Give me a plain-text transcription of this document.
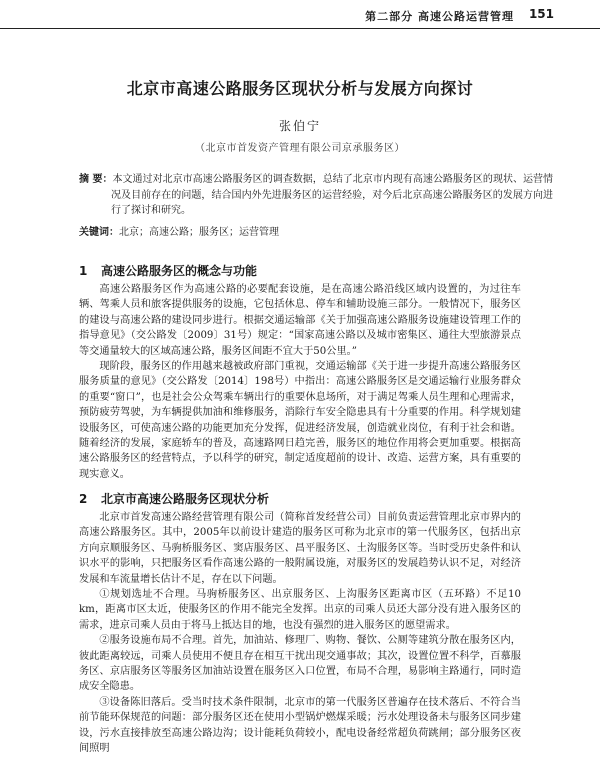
第二部分 高速公路运营管理 151
北京市高速公路服务区现状分析与发展方向探讨
张伯宁
（北京市首发资产管理有限公司京承服务区）
摘 要：本文通过对北京市高速公路服务区的调查数据，总结了北京市内现有高速公路服务区的现状、运营情况及目前存在的问题，结合国内外先进服务区的运营经验，对今后北京高速公路服务区的发展方向进行了探讨和研究。
关键词：北京；高速公路；服务区；运营管理
1 高速公路服务区的概念与功能

高速公路服务区作为高速公路的必要配套设施，是在高速公路沿线区域内设置的，为过往车辆、驾乘人员和旅客提供服务的设施，它包括休息、停车和辅助设施三部分。一般情况下，服务区的建设与高速公路的建设同步进行。根据交通运输部《关于加强高速公路服务设施建设管理工作的指导意见》（交公路发〔2009〕31号）规定：“国家高速公路以及城市密集区、通往大型旅游景点等交通量较大的区域高速公路，服务区间距不宜大于50公里。”

现阶段，服务区的作用越来越被政府部门重视，交通运输部《关于进一步提升高速公路服务区服务质量的意见》（交公路发〔2014〕198号）中指出：高速公路服务区是交通运输行业服务群众的重要“窗口”，也是社会公众驾乘车辆出行的重要休息场所，对于满足驾乘人员生理和心理需求，预防疲劳驾驶，为车辆提供加油和维修服务，消除行车安全隐患具有十分重要的作用。科学规划建设服务区，可使高速公路的功能更加充分发挥，促进经济发展，创造就业岗位，有利于社会和谐。随着经济的发展，家庭轿车的普及，高速路网日趋完善，服务区的地位作用将会更加重要。根据高速公路服务区的经营特点，予以科学的研究，制定适度超前的设计、改造、运营方案，具有重要的现实意义。

2 北京市高速公路服务区现状分析

北京市首发高速公路经营管理有限公司（简称首发经营公司）目前负责运营管理北京市界内的高速公路服务区。其中，2005年以前设计建造的服务区可称为北京市的第一代服务区，包括出京方向京顺服务区、马驹桥服务区、窦店服务区、昌平服务区、土沟服务区等。当时受历史条件和认识水平的影响，只把服务区看作高速公路的一般附属设施，对服务区的发展趋势认识不足，对经济发展和车流量增长估计不足，存在以下问题。

①规划选址不合理。马驹桥服务区、出京服务区、上沟服务区距离市区（五环路）不足10 km，距离市区太近，使服务区的作用不能完全发挥。出京的司乘人员还大部分没有进入服务区的需求，进京司乘人员由于将马上抵达目的地，也没有强烈的进入服务区的愿望需求。

②服务设施布局不合理。首先，加油站、修理厂、购物、餐饮、公厕等建筑分散在服务区内，彼此距离较远，司乘人员使用不便且存在相互干扰出现交通事故；其次，设置位置不科学，百慕服务区、京店服务区等服务区加油站设置在服务区入口位置，布局不合理，易影响主路通行，同时造成安全隐患。

③设备陈旧落后。受当时技术条件限制，北京市的第一代服务区普遍存在技术落后、不符合当前节能环保规范的问题：部分服务区还在使用小型锅炉燃煤采暖；污水处理设备未与服务区同步建设，污水直接排放至高速公路边沟；设计能耗负荷较小，配电设备经常超负荷跳闸；部分服务区夜间照明
